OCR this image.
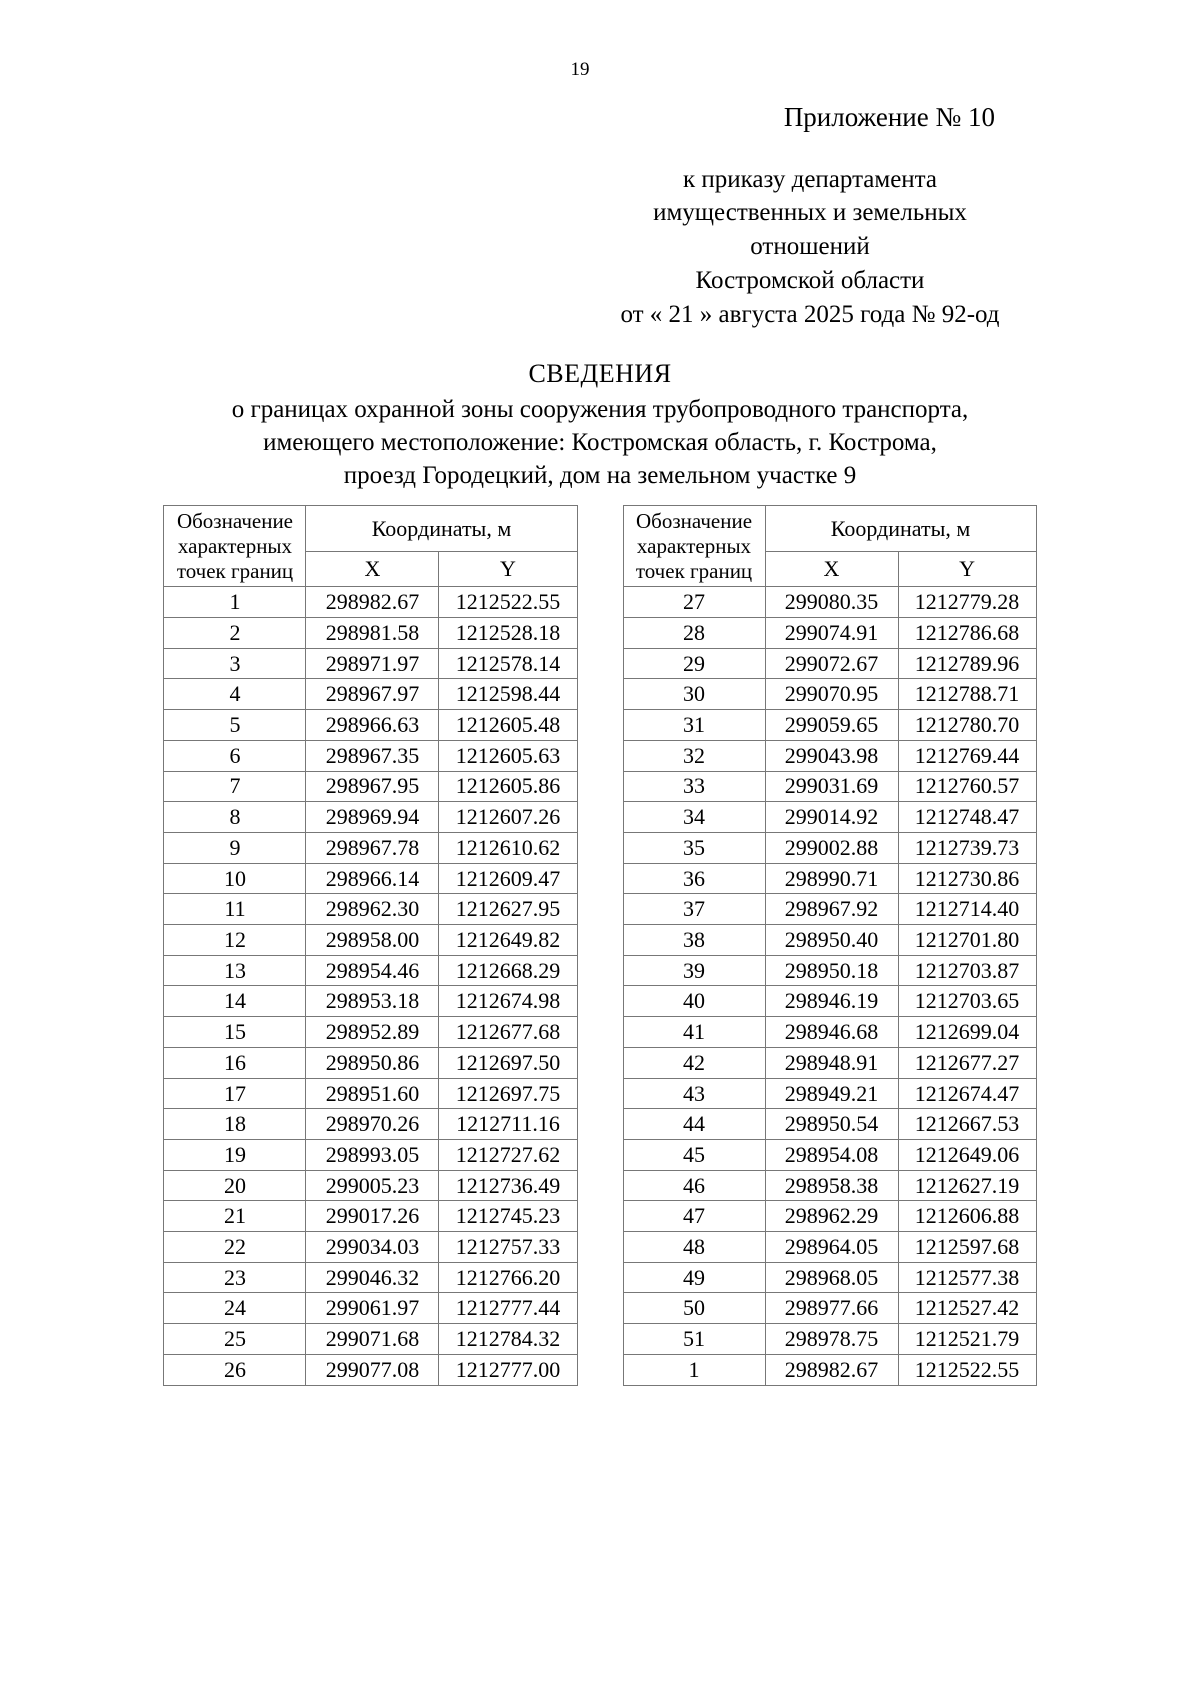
19
Приложение № 10
к приказу департамента
имущественных и земельных
отношений
Костромской области
от « 21 » августа 2025 года № 92-од
СВЕДЕНИЯ
о границах охранной зоны сооружения трубопроводного транспорта,
имеющего местоположение: Костромская область, г. Кострома,
проезд Городецкий, дом на земельном участке 9
Обозначение
характерных
точек границ	Координаты, м	
	X	Y
1	298982.67	1212522.55
2	298981.58	1212528.18
3	298971.97	1212578.14
4	298967.97	1212598.44
5	298966.63	1212605.48
6	298967.35	1212605.63
7	298967.95	1212605.86
8	298969.94	1212607.26
9	298967.78	1212610.62
10	298966.14	1212609.47
11	298962.30	1212627.95
12	298958.00	1212649.82
13	298954.46	1212668.29
14	298953.18	1212674.98
15	298952.89	1212677.68
16	298950.86	1212697.50
17	298951.60	1212697.75
18	298970.26	1212711.16
19	298993.05	1212727.62
20	299005.23	1212736.49
21	299017.26	1212745.23
22	299034.03	1212757.33
23	299046.32	1212766.20
24	299061.97	1212777.44
25	299071.68	1212784.32
26	299077.08	1212777.00
Обозначение
характерных
точек границ	Координаты, м	
	X	Y
27	299080.35	1212779.28
28	299074.91	1212786.68
29	299072.67	1212789.96
30	299070.95	1212788.71
31	299059.65	1212780.70
32	299043.98	1212769.44
33	299031.69	1212760.57
34	299014.92	1212748.47
35	299002.88	1212739.73
36	298990.71	1212730.86
37	298967.92	1212714.40
38	298950.40	1212701.80
39	298950.18	1212703.87
40	298946.19	1212703.65
41	298946.68	1212699.04
42	298948.91	1212677.27
43	298949.21	1212674.47
44	298950.54	1212667.53
45	298954.08	1212649.06
46	298958.38	1212627.19
47	298962.29	1212606.88
48	298964.05	1212597.68
49	298968.05	1212577.38
50	298977.66	1212527.42
51	298978.75	1212521.79
1	298982.67	1212522.55
